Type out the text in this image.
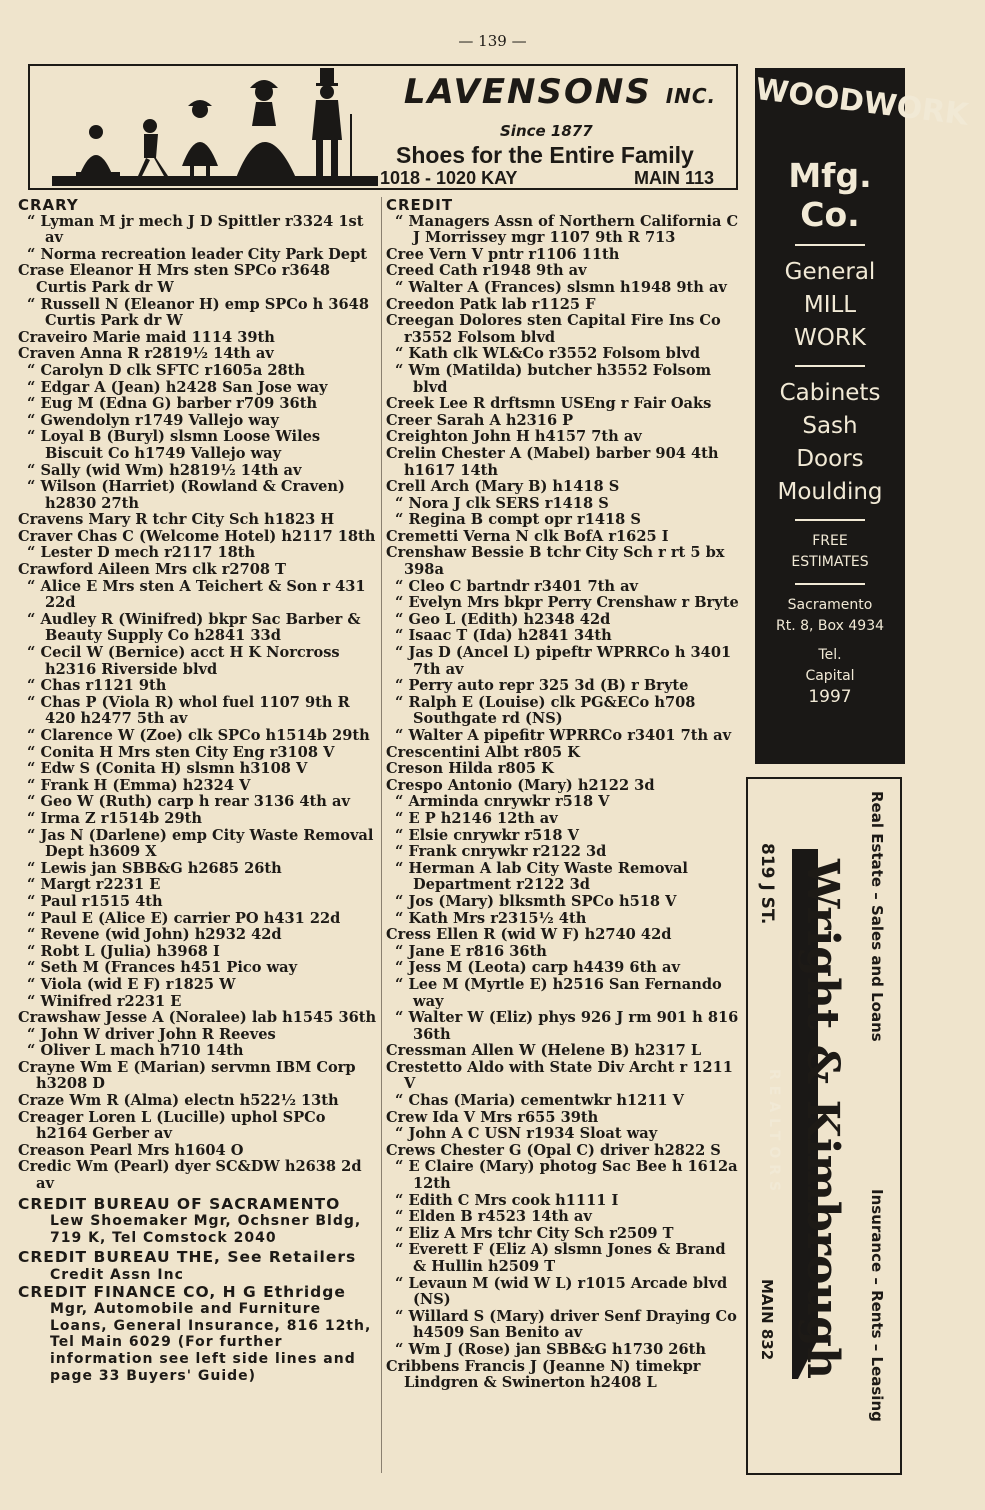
— 139 —
LAVENSONS INC.
Since 1877
Shoes for the Entire Family
1018 - 1020 KAY	MAIN 113
WOODWORK
Mfg. Co.
General
MILL
WORK
Cabinets
Sash
Doors
Moulding
FREE
ESTIMATES
Sacramento
Rt. 8, Box 4934
Tel.
Capital
1997
Real Estate – Sales and Loans
819 J ST. Wright & Kimbrough
REALTORS
MAIN 832	Insurance – Rents – Leasing

CRARY

“ Lyman M jr mech J D Spittler r3324 1st av

“ Norma recreation leader City Park Dept

Crase Eleanor H Mrs sten SPCo r3648 Curtis Park dr W

“ Russell N (Eleanor H) emp SPCo h 3648 Curtis Park dr W

Craveiro Marie maid 1114 39th

Craven Anna R r2819½ 14th av

“ Carolyn D clk SFTC r1605a 28th

“ Edgar A (Jean) h2428 San Jose way

“ Eug M (Edna G) barber r709 36th

“ Gwendolyn r1749 Vallejo way

“ Loyal B (Buryl) slsmn Loose Wiles Biscuit Co h1749 Vallejo way

“ Sally (wid Wm) h2819½ 14th av

“ Wilson (Harriet) (Rowland & Craven) h2830 27th

Cravens Mary R tchr City Sch h1823 H

Craver Chas C (Welcome Hotel) h2117 18th

“ Lester D mech r2117 18th

Crawford Aileen Mrs clk r2708 T

“ Alice E Mrs sten A Teichert & Son r 431 22d

“ Audley R (Winifred) bkpr Sac Barber & Beauty Supply Co h2841 33d

“ Cecil W (Bernice) acct H K Norcross h2316 Riverside blvd

“ Chas r1121 9th

“ Chas P (Viola R) whol fuel 1107 9th R 420 h2477 5th av

“ Clarence W (Zoe) clk SPCo h1514b 29th

“ Conita H Mrs sten City Eng r3108 V

“ Edw S (Conita H) slsmn h3108 V

“ Frank H (Emma) h2324 V

“ Geo W (Ruth) carp h rear 3136 4th av

“ Irma Z r1514b 29th

“ Jas N (Darlene) emp City Waste Removal Dept h3609 X

“ Lewis jan SBB&G h2685 26th

“ Margt r2231 E

“ Paul r1515 4th

“ Paul E (Alice E) carrier PO h431 22d

“ Revene (wid John) h2932 42d

“ Robt L (Julia) h3968 I

“ Seth M (Frances h451 Pico way

“ Viola (wid E F) r1825 W

“ Winifred r2231 E

Crawshaw Jesse A (Noralee) lab h1545 36th

“ John W driver John R Reeves

“ Oliver L mach h710 14th

Crayne Wm E (Marian) servmn IBM Corp h3208 D

Craze Wm R (Alma) electn h522½ 13th

Creager Loren L (Lucille) uphol SPCo h2164 Gerber av

Creason Pearl Mrs h1604 O

Credic Wm (Pearl) dyer SC&DW h2638 2d av

CREDIT BUREAU OF SACRAMENTO
Lew Shoemaker Mgr, Ochsner Bldg, 719 K, Tel Comstock 2040

CREDIT BUREAU THE, See Retailers
Credit Assn Inc

CREDIT FINANCE CO, H G Ethridge Mgr, Automobile and Furniture Loans, General Insurance, 816 12th, Tel Main 6029 (For further information see left side lines and page 33 Buyers' Guide)

CREDIT

“ Managers Assn of Northern California C J Morrissey mgr 1107 9th R 713

Cree Vern V pntr r1106 11th

Creed Cath r1948 9th av

“ Walter A (Frances) slsmn h1948 9th av

Creedon Patk lab r1125 F

Creegan Dolores sten Capital Fire Ins Co r3552 Folsom blvd

“ Kath clk WL&Co r3552 Folsom blvd

“ Wm (Matilda) butcher h3552 Folsom blvd

Creek Lee R drftsmn USEng r Fair Oaks

Creer Sarah A h2316 P

Creighton John H h4157 7th av

Crelin Chester A (Mabel) barber 904 4th h1617 14th

Crell Arch (Mary B) h1418 S

“ Nora J clk SERS r1418 S

“ Regina B compt opr r1418 S

Cremetti Verna N clk BofA r1625 I

Crenshaw Bessie B tchr City Sch r rt 5 bx 398a

“ Cleo C bartndr r3401 7th av

“ Evelyn Mrs bkpr Perry Crenshaw r Bryte

“ Geo L (Edith) h2348 42d

“ Isaac T (Ida) h2841 34th

“ Jas D (Ancel L) pipeftr WPRRCo h 3401 7th av

“ Perry auto repr 325 3d (B) r Bryte

“ Ralph E (Louise) clk PG&ECo h708 Southgate rd (NS)

“ Walter A pipefitr WPRRCo r3401 7th av

Crescentini Albt r805 K

Creson Hilda r805 K

Crespo Antonio (Mary) h2122 3d

“ Arminda cnrywkr r518 V

“ E P h2146 12th av

“ Elsie cnrywkr r518 V

“ Frank cnrywkr r2122 3d

“ Herman A lab City Waste Removal Department r2122 3d

“ Jos (Mary) blksmth SPCo h518 V

“ Kath Mrs r2315½ 4th

Cress Ellen R (wid W F) h2740 42d

“ Jane E r816 36th

“ Jess M (Leota) carp h4439 6th av

“ Lee M (Myrtle E) h2516 San Fernando way

“ Walter W (Eliz) phys 926 J rm 901 h 816 36th

Cressman Allen W (Helene B) h2317 L

Crestetto Aldo with State Div Archt r 1211 V

“ Chas (Maria) cementwkr h1211 V

Crew Ida V Mrs r655 39th

“ John A C USN r1934 Sloat way

Crews Chester G (Opal C) driver h2822 S

“ E Claire (Mary) photog Sac Bee h 1612a 12th

“ Edith C Mrs cook h1111 I

“ Elden B r4523 14th av

“ Eliz A Mrs tchr City Sch r2509 T

“ Everett F (Eliz A) slsmn Jones & Brand & Hullin h2509 T

“ Levaun M (wid W L) r1015 Arcade blvd (NS)

“ Willard S (Mary) driver Senf Draying Co h4509 San Benito av

“ Wm J (Rose) jan SBB&G h1730 26th

Cribbens Francis J (Jeanne N) timekpr Lindgren & Swinerton h2408 L
